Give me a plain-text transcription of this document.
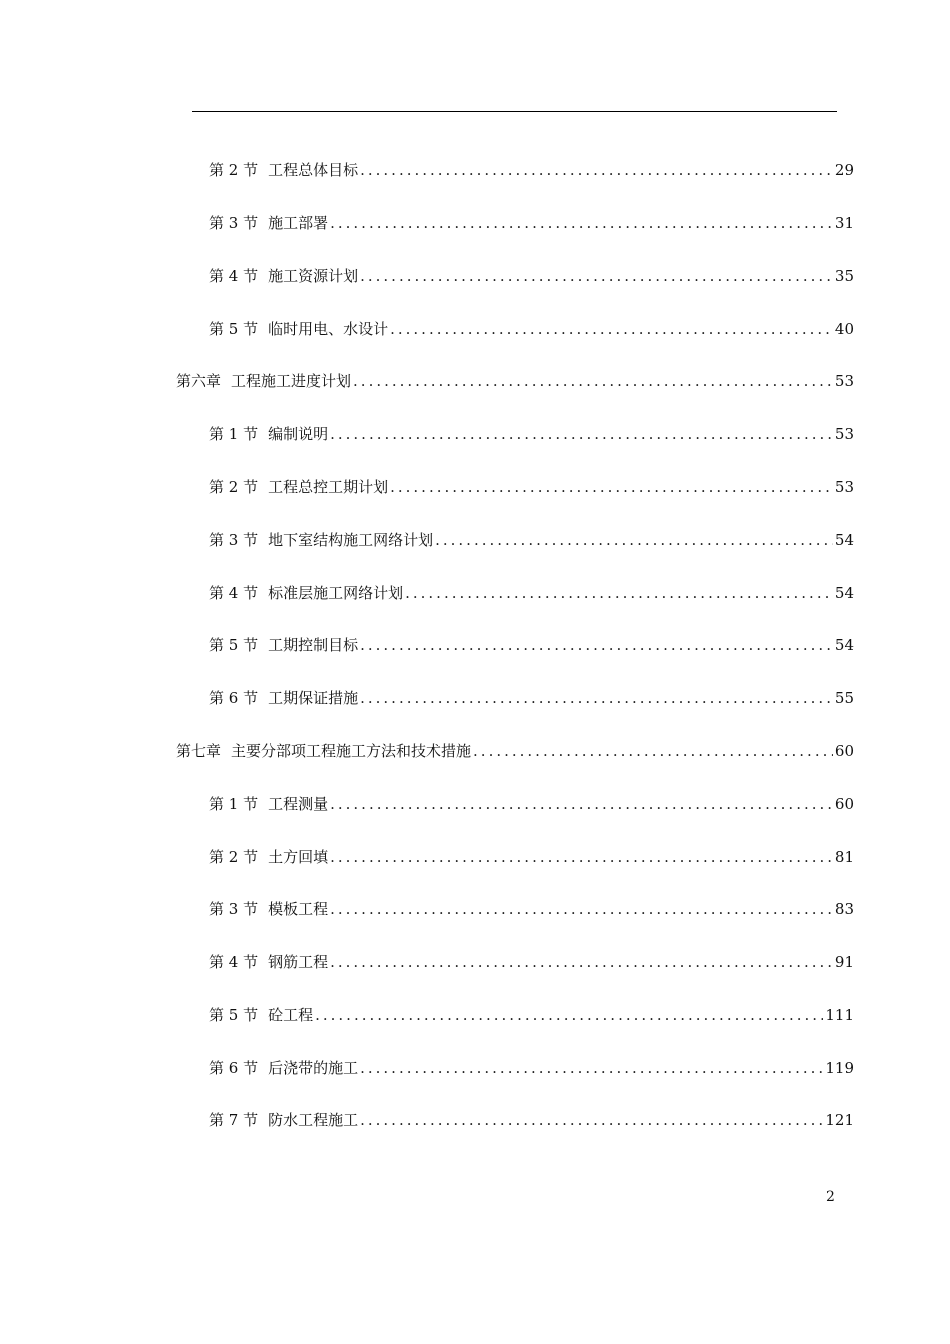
第 2 节 工程总体目标 .....	29
第 3 节 施工部署 .....	31
第 4 节 施工资源计划 .....	35
第 5 节 临时用电、水设计 .....	40
第六章 工程施工进度计划 .....	53
第 1 节 编制说明 .....	53
第 2 节 工程总控工期计划 .....	53
第 3 节 地下室结构施工网络计划 .....	54
第 4 节 标准层施工网络计划 .....	54
第 5 节 工期控制目标 .....	54
第 6 节 工期保证措施 .....	55
第七章 主要分部项工程施工方法和技术措施 .....	60
第 1 节 工程测量 .....	60
第 2 节 土方回填 .....	81
第 3 节 模板工程 .....	83
第 4 节 钢筋工程 .....	91
第 5 节 砼工程 .....	111
第 6 节 后浇带的施工 .....	119
第 7 节 防水工程施工 .....	121
2
